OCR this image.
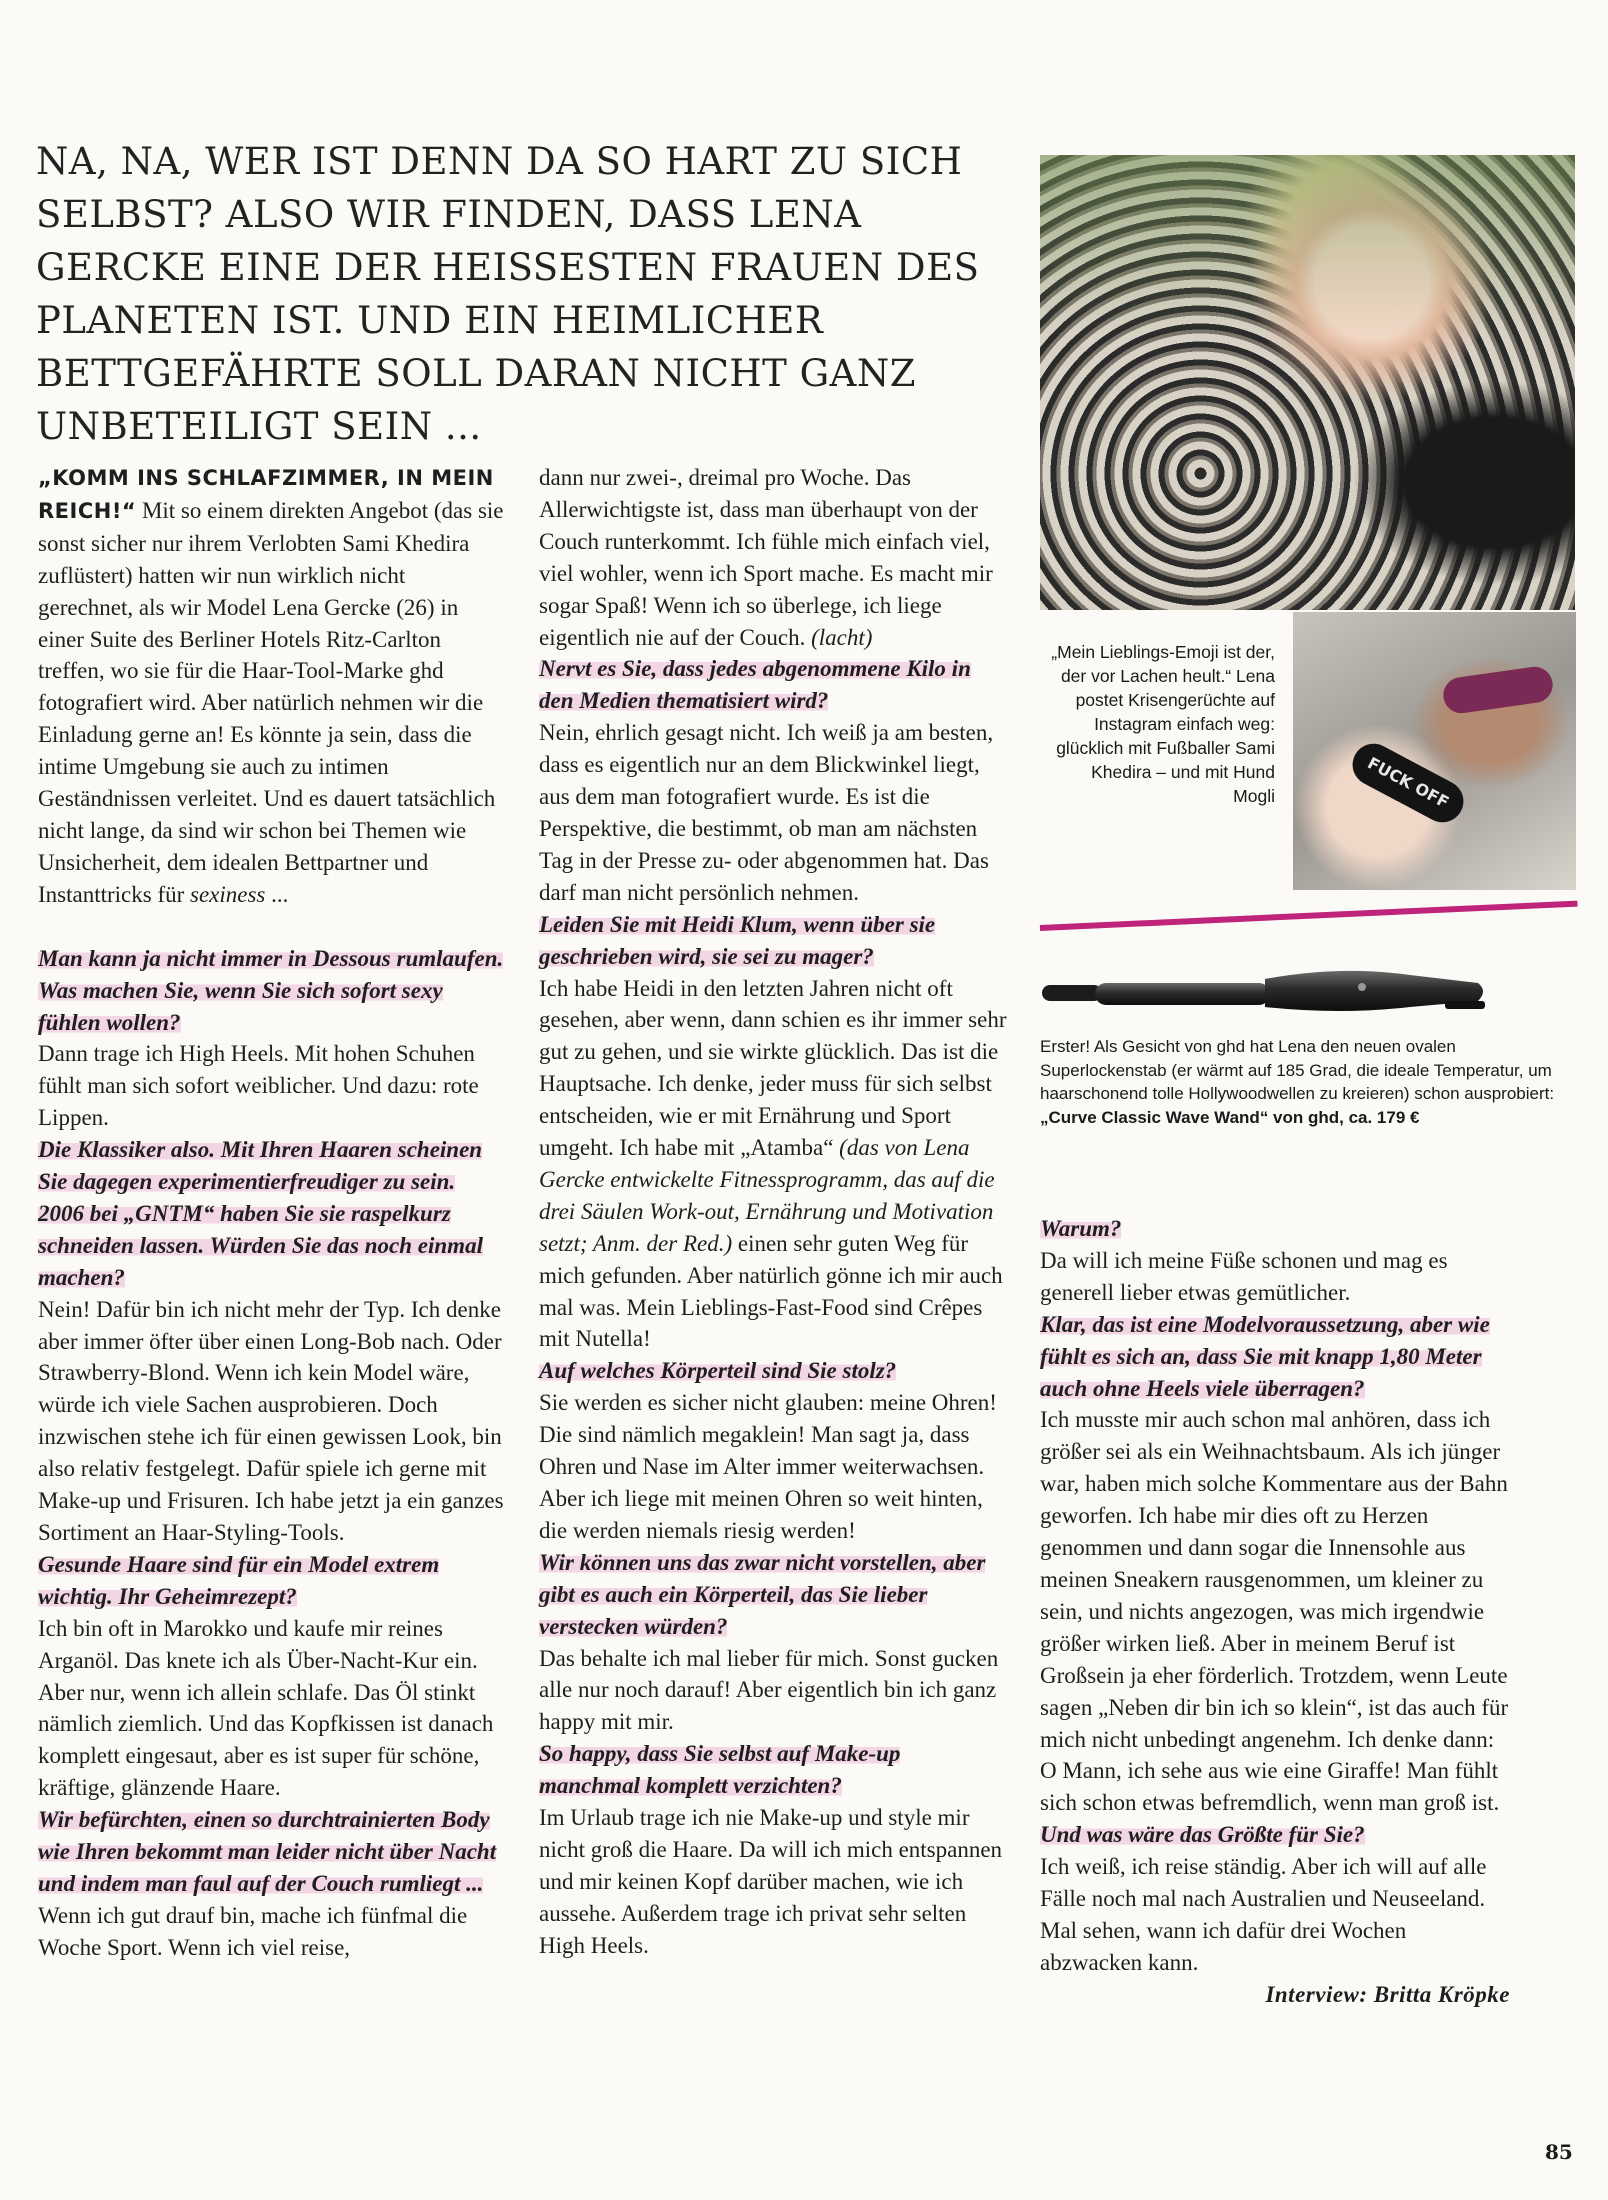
NA, NA, WER IST DENN DA SO HART ZU SICH SELBST? ALSO WIR FINDEN, DASS LENA GERCKE EINE DER HEISSESTEN FRAUEN DES PLANETEN IST. UND EIN HEIMLICHER BETTGEFÄHRTE SOLL DARAN NICHT GANZ UNBETEILIGT SEIN ...

„KOMM INS SCHLAFZIMMER, IN MEIN REICH!“ Mit so einem direkten Angebot (das sie sonst sicher nur ihrem Verlobten Sami Khedira zuflüstert) hatten wir nun wirklich nicht gerechnet, als wir Model Lena Gercke (26) in einer Suite des Berliner Hotels Ritz-Carlton treffen, wo sie für die Haar-Tool-Marke ghd fotografiert wird. Aber natürlich nehmen wir die Einladung gerne an! Es könnte ja sein, dass die intime Umgebung sie auch zu intimen Geständnissen verleitet. Und es dauert tatsächlich nicht lange, da sind wir schon bei Themen wie Unsicherheit, dem idealen Bettpartner und Instanttricks für sexiness ...

Man kann ja nicht immer in Dessous rumlaufen. Was machen Sie, wenn Sie sich sofort sexy fühlen wollen?

Dann trage ich High Heels. Mit hohen Schuhen fühlt man sich sofort weiblicher. Und dazu: rote Lippen.

Die Klassiker also. Mit Ihren Haaren scheinen Sie dagegen experimentierfreudiger zu sein. 2006 bei „GNTM“ haben Sie sie raspelkurz schneiden lassen. Würden Sie das noch einmal machen?

Nein! Dafür bin ich nicht mehr der Typ. Ich denke aber immer öfter über einen Long-Bob nach. Oder Strawberry-Blond. Wenn ich kein Model wäre, würde ich viele Sachen ausprobieren. Doch inzwischen stehe ich für einen gewissen Look, bin also relativ festgelegt. Dafür spiele ich gerne mit Make-up und Frisuren. Ich habe jetzt ja ein ganzes Sortiment an Haar-Styling-Tools.

Gesunde Haare sind für ein Model extrem wichtig. Ihr Geheimrezept?

Ich bin oft in Marokko und kaufe mir reines Arganöl. Das knete ich als Über-Nacht-Kur ein. Aber nur, wenn ich allein schlafe. Das Öl stinkt nämlich ziemlich. Und das Kopfkissen ist danach komplett eingesaut, aber es ist super für schöne, kräftige, glänzende Haare.

Wir befürchten, einen so durchtrainierten Body wie Ihren bekommt man leider nicht über Nacht und indem man faul auf der Couch rumliegt ...

Wenn ich gut drauf bin, mache ich fünfmal die Woche Sport. Wenn ich viel reise,

dann nur zwei-, dreimal pro Woche. Das Allerwichtigste ist, dass man überhaupt von der Couch runterkommt. Ich fühle mich einfach viel, viel wohler, wenn ich Sport mache. Es macht mir sogar Spaß! Wenn ich so überlege, ich liege eigentlich nie auf der Couch. (lacht)

Nervt es Sie, dass jedes abgenommene Kilo in den Medien thematisiert wird?

Nein, ehrlich gesagt nicht. Ich weiß ja am besten, dass es eigentlich nur an dem Blickwinkel liegt, aus dem man fotografiert wurde. Es ist die Perspektive, die bestimmt, ob man am nächsten Tag in der Presse zu- oder abgenommen hat. Das darf man nicht persönlich nehmen.

Leiden Sie mit Heidi Klum, wenn über sie geschrieben wird, sie sei zu mager?

Ich habe Heidi in den letzten Jahren nicht oft gesehen, aber wenn, dann schien es ihr immer sehr gut zu gehen, und sie wirkte glücklich. Das ist die Hauptsache. Ich denke, jeder muss für sich selbst entscheiden, wie er mit Ernährung und Sport umgeht. Ich habe mit „Atamba“ (das von Lena Gercke entwickelte Fitnessprogramm, das auf die drei Säulen Work-out, Ernährung und Motivation setzt; Anm. der Red.) einen sehr guten Weg für mich gefunden. Aber natürlich gönne ich mir auch mal was. Mein Lieblings-Fast-Food sind Crêpes mit Nutella!

Auf welches Körperteil sind Sie stolz?

Sie werden es sicher nicht glauben: meine Ohren! Die sind nämlich megaklein! Man sagt ja, dass Ohren und Nase im Alter immer weiterwachsen. Aber ich liege mit meinen Ohren so weit hinten, die werden niemals riesig werden!

Wir können uns das zwar nicht vorstellen, aber gibt es auch ein Körperteil, das Sie lieber verstecken würden?

Das behalte ich mal lieber für mich. Sonst gucken alle nur noch darauf! Aber eigentlich bin ich ganz happy mit mir.

So happy, dass Sie selbst auf Make-up manchmal komplett verzichten?

Im Urlaub trage ich nie Make-up und style mir nicht groß die Haare. Da will ich mich entspannen und mir keinen Kopf darüber machen, wie ich aussehe. Außerdem trage ich privat sehr selten High Heels.

Warum?

Da will ich meine Füße schonen und mag es generell lieber etwas gemütlicher.

Klar, das ist eine Modelvoraussetzung, aber wie fühlt es sich an, dass Sie mit knapp 1,80 Meter auch ohne Heels viele überragen?

Ich musste mir auch schon mal anhören, dass ich größer sei als ein Weihnachtsbaum. Als ich jünger war, haben mich solche Kommentare aus der Bahn geworfen. Ich habe mir dies oft zu Herzen genommen und dann sogar die Innensohle aus meinen Sneakern rausgenommen, um kleiner zu sein, und nichts angezogen, was mich irgendwie größer wirken ließ. Aber in meinem Beruf ist Großsein ja eher förderlich. Trotzdem, wenn Leute sagen „Neben dir bin ich so klein“, ist das auch für mich nicht unbedingt angenehm. Ich denke dann: O Mann, ich sehe aus wie eine Giraffe! Man fühlt sich schon etwas befremdlich, wenn man groß ist.

Und was wäre das Größte für Sie?

Ich weiß, ich reise ständig. Aber ich will auf alle Fälle noch mal nach Australien und Neuseeland. Mal sehen, wann ich dafür drei Wochen abzwacken kann.

Interview: Britta Kröpke

FUCK OFF
„Mein Lieblings-Emoji ist der, der vor Lachen heult.“ Lena postet Krisengerüchte auf Instagram einfach weg: glücklich mit Fußballer Sami Khedira – und mit Hund Mogli
Erster! Als Gesicht von ghd hat Lena den neuen ovalen Superlockenstab (er wärmt auf 185 Grad, die ideale Temperatur, um haarschonend tolle Hollywoodwellen zu kreieren) schon ausprobiert: „Curve Classic Wave Wand“ von ghd, ca. 179 €
85
